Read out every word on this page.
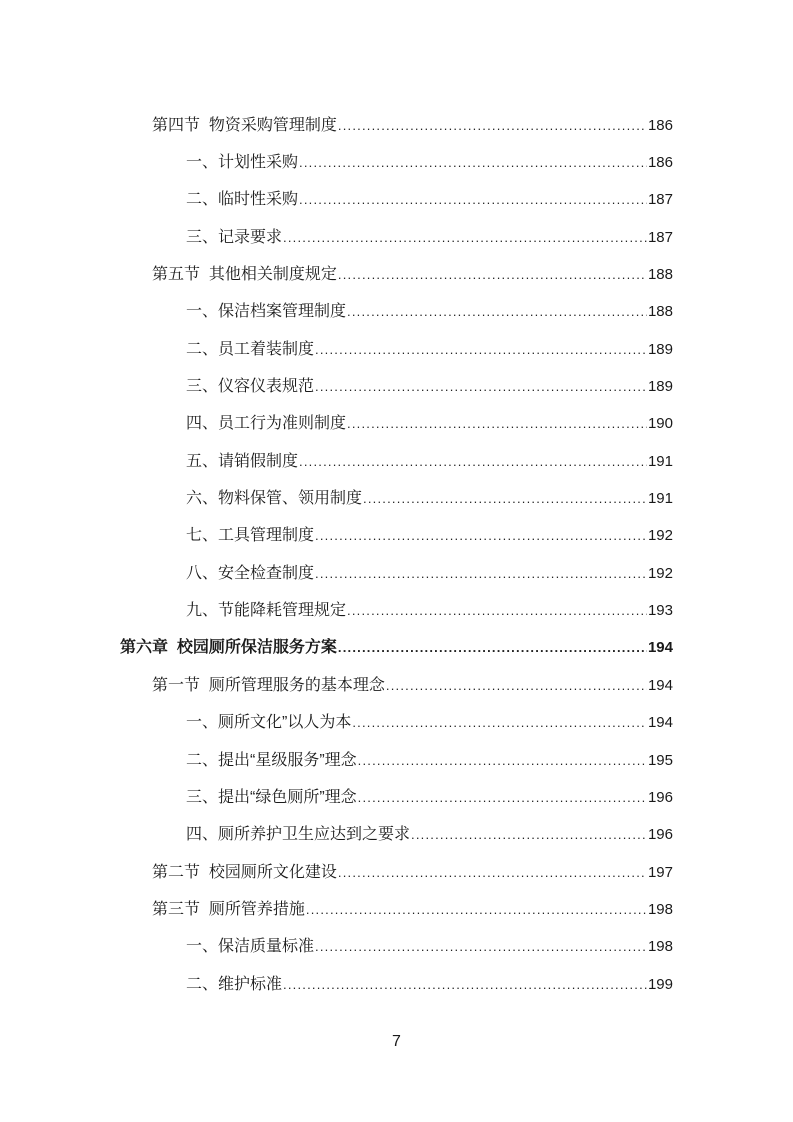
第四节  物资采购管理制度 .....	186
一、计划性采购 .....	186
二、临时性采购 .....	187
三、记录要求 .....	187
第五节  其他相关制度规定 .....	188
一、保洁档案管理制度 .....	188
二、员工着装制度 .....	189
三、仪容仪表规范 .....	189
四、员工行为准则制度 .....	190
五、请销假制度 .....	191
六、物料保管、领用制度 .....	191
七、工具管理制度 .....	192
八、安全检查制度 .....	192
九、节能降耗管理规定 .....	193
第六章  校园厕所保洁服务方案 .....	194
第一节  厕所管理服务的基本理念 .....	194
一、厕所文化”以人为本 .....	194
二、提出“星级服务”理念 .....	195
三、提出“绿色厕所”理念 .....	196
四、厕所养护卫生应达到之要求 .....	196
第二节  校园厕所文化建设 .....	197
第三节  厕所管养措施 .....	198
一、保洁质量标准 .....	198
二、维护标准 .....	199
7
